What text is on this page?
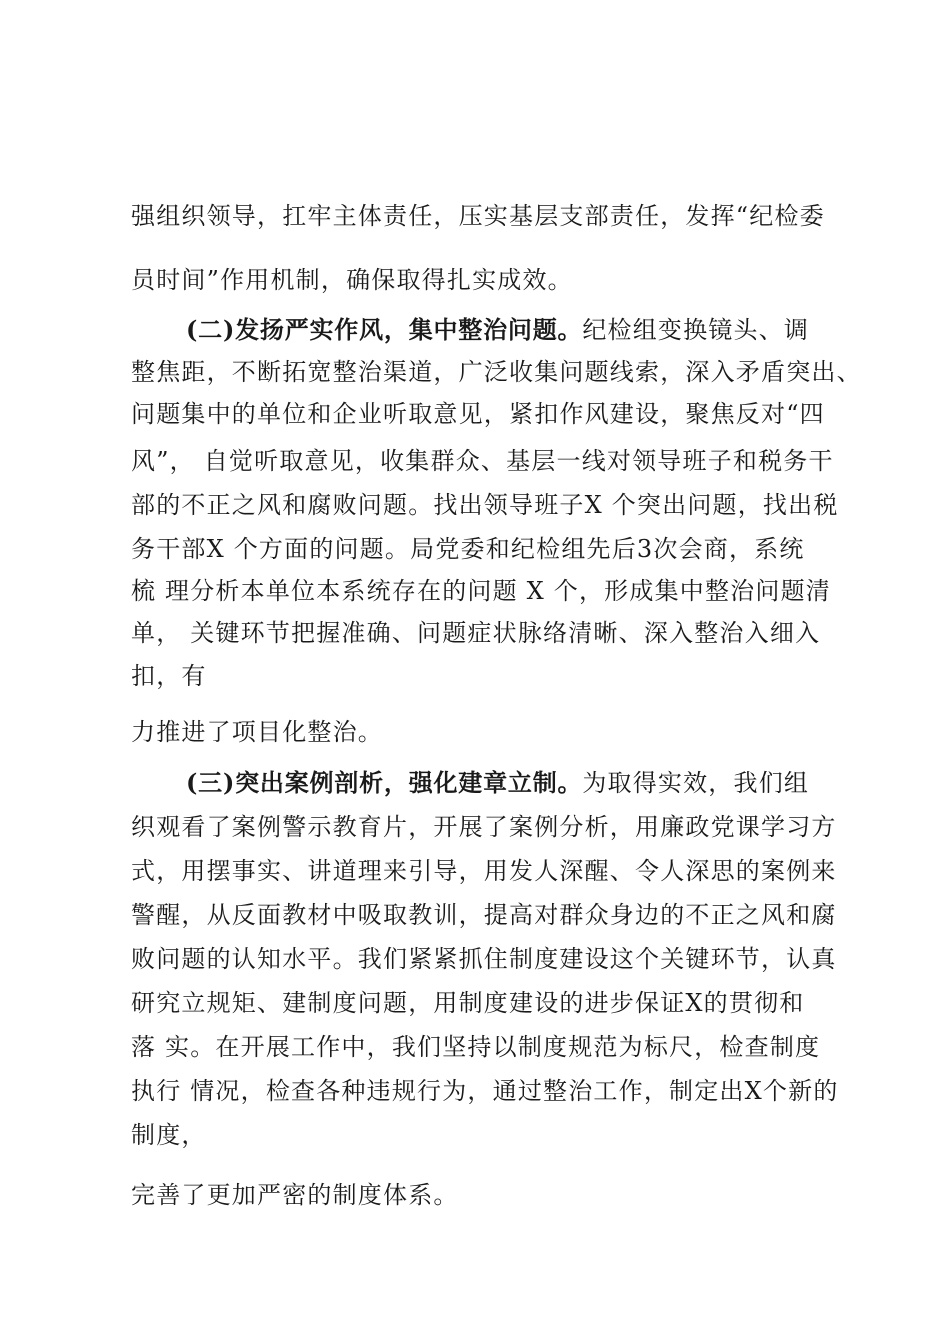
强组织领导，扛牢主体责任，压实基层支部责任，发挥“纪检委
员时间”作用机制，确保取得扎实成效。
(二)发扬严实作风，集中整治问题。纪检组变换镜头、调
整焦距，不断拓宽整治渠道，广泛收集问题线索，深入矛盾突出、
问题集中的单位和企业听取意见，紧扣作风建设，聚焦反对“四
风”， 自觉听取意见，收集群众、基层一线对领导班子和税务干
部的不正之风和腐败问题。找出领导班子X 个突出问题，找出税
务干部X 个方面的问题。局党委和纪检组先后3次会商，系统
梳 理分析本单位本系统存在的问题 X 个，形成集中整治问题清
单， 关键环节把握准确、问题症状脉络清晰、深入整治入细入
扣，有
力推进了项目化整治。
(三)突出案例剖析，强化建章立制。为取得实效，我们组
织观看了案例警示教育片，开展了案例分析，用廉政党课学习方
式，用摆事实、讲道理来引导，用发人深醒、令人深思的案例来
警醒，从反面教材中吸取教训，提高对群众身边的不正之风和腐
败问题的认知水平。我们紧紧抓住制度建设这个关键环节，认真
研究立规矩、建制度问题，用制度建设的进步保证X的贯彻和
落 实。在开展工作中，我们坚持以制度规范为标尺，检查制度
执行 情况，检查各种违规行为，通过整治工作，制定出X个新的
制度，
完善了更加严密的制度体系。
